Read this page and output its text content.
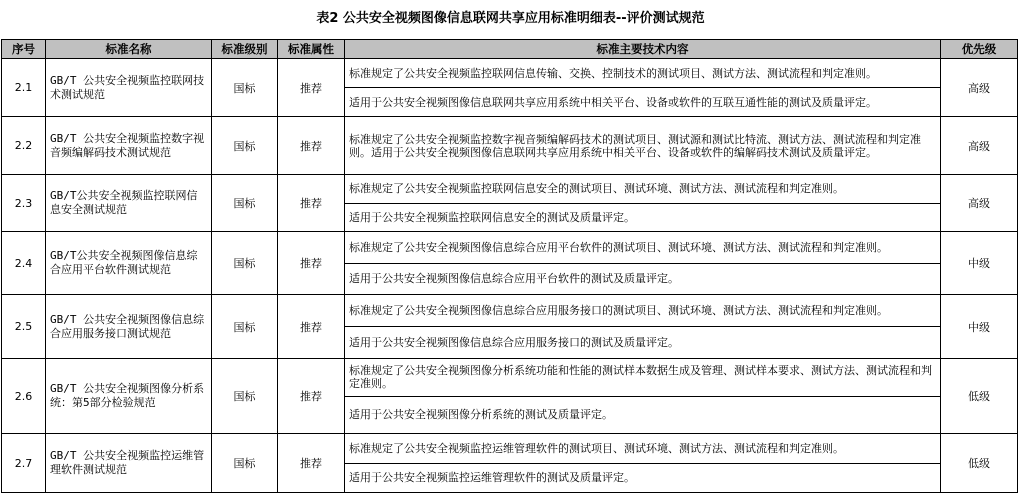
表2 公共安全视频图像信息联网共享应用标准明细表--评价测试规范
序号	标准名称	标准级别	标准属性	标准主要技术内容	优先级
2.1	GB/T 公共安全视频监控联网技术测试规范	国标	推荐	标准规定了公共安全视频监控联网信息传输、交换、控制技术的测试项目、测试方法、测试流程和判定准则。
适用于公共安全视频图像信息联网共享应用系统中相关平台、设备或软件的互联互通性能的测试及质量评定。	高级
2.2	GB/T 公共安全视频监控数字视音频编解码技术测试规范	国标	推荐	标准规定了公共安全视频监控数字视音频编解码技术的测试项目、测试源和测试比特流、测试方法、测试流程和判定准则。适用于公共安全视频图像信息联网共享应用系统中相关平台、设备或软件的编解码技术测试及质量评定。	高级
2.3	GB/T公共安全视频监控联网信息安全测试规范	国标	推荐	标准规定了公共安全视频监控联网信息安全的测试项目、测试环境、测试方法、测试流程和判定准则。
适用于公共安全视频监控联网信息安全的测试及质量评定。	高级
2.4	GB/T公共安全视频图像信息综合应用平台软件测试规范	国标	推荐	标准规定了公共安全视频图像信息综合应用平台软件的测试项目、测试环境、测试方法、测试流程和判定准则。
适用于公共安全视频图像信息综合应用平台软件的测试及质量评定。	中级
2.5	GB/T 公共安全视频图像信息综合应用服务接口测试规范	国标	推荐	标准规定了公共安全视频图像信息综合应用服务接口的测试项目、测试环境、测试方法、测试流程和判定准则。
适用于公共安全视频图像信息综合应用服务接口的测试及质量评定。	中级
2.6	GB/T 公共安全视频图像分析系统：第5部分检验规范	国标	推荐	标准规定了公共安全视频图像分析系统功能和性能的测试样本数据生成及管理、测试样本要求、测试方法、测试流程和判定准则。
适用于公共安全视频图像分析系统的测试及质量评定。	低级
2.7	GB/T 公共安全视频监控运维管理软件测试规范	国标	推荐	标准规定了公共安全视频监控运维管理软件的测试项目、测试环境、测试方法、测试流程和判定准则。
适用于公共安全视频监控运维管理软件的测试及质量评定。	低级
